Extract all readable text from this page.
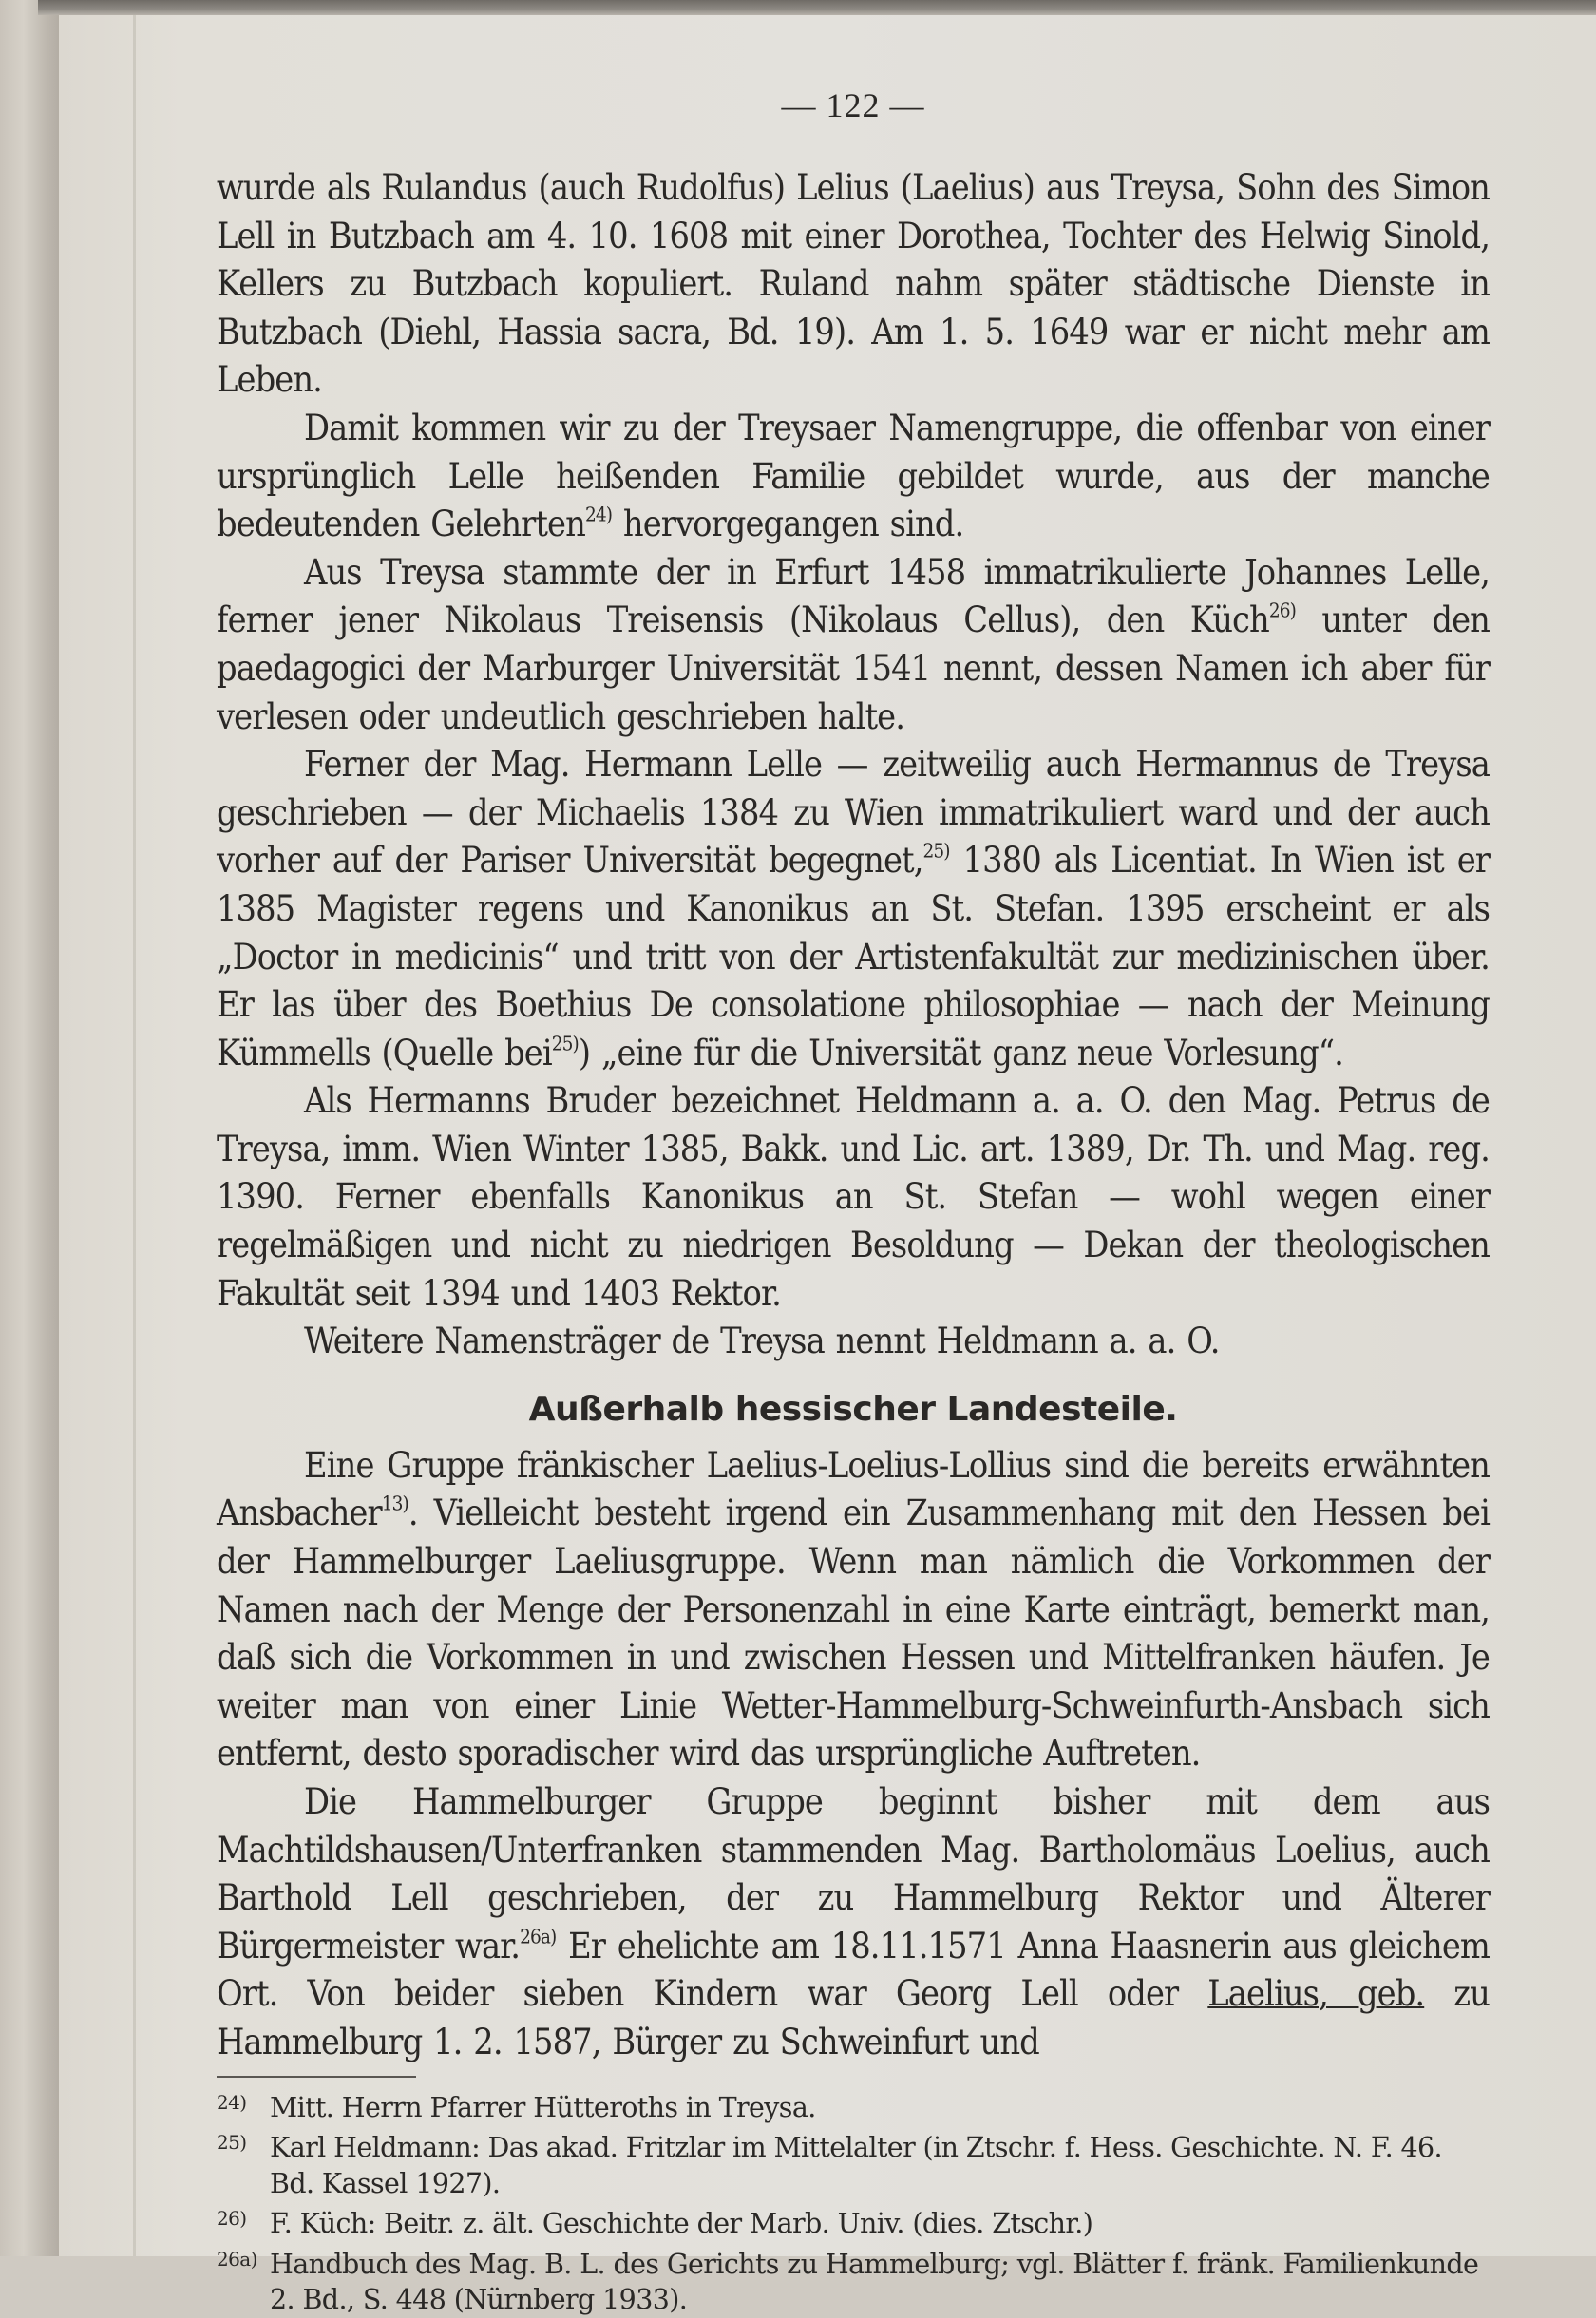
— 122 —

wurde als Rulandus (auch Rudolfus) Lelius (Laelius) aus Treysa, Sohn des Simon Lell in Butzbach am 4. 10. 1608 mit einer Dorothea, Tochter des Helwig Sinold, Kellers zu Butzbach kopuliert. Ruland nahm später städtische Dienste in Butzbach (Diehl, Hassia sacra, Bd. 19). Am 1. 5. 1649 war er nicht mehr am Leben.

Damit kommen wir zu der Treysaer Namengruppe, die offenbar von einer ursprünglich Lelle heißenden Familie gebildet wurde, aus der manche bedeutenden Gelehrten$^{24)}$ hervorgegangen sind.

Aus Treysa stammte der in Erfurt 1458 immatrikulierte Johannes Lelle, ferner jener Nikolaus Treisensis (Nikolaus Cellus), den Küch$^{26)}$ unter den paedagogici der Marburger Universität 1541 nennt, dessen Namen ich aber für verlesen oder undeutlich geschrieben halte.

Ferner der Mag. Hermann Lelle — zeitweilig auch Hermannus de Treysa geschrieben — der Michaelis 1384 zu Wien immatrikuliert ward und der auch vorher auf der Pariser Universität begegnet,$^{25)}$ 1380 als Licentiat. In Wien ist er 1385 Magister regens und Kanonikus an St. Stefan. 1395 erscheint er als „Doctor in medicinis“ und tritt von der Artistenfakultät zur medizinischen über. Er las über des Boethius De consolatione philosophiae — nach der Meinung Kümmells (Quelle bei$^{25)}$) „eine für die Universität ganz neue Vorlesung“.

Als Hermanns Bruder bezeichnet Heldmann a. a. O. den Mag. Petrus de Treysa, imm. Wien Winter 1385, Bakk. und Lic. art. 1389, Dr. Th. und Mag. reg. 1390. Ferner ebenfalls Kanonikus an St. Stefan — wohl wegen einer regelmäßigen und nicht zu niedrigen Besoldung — Dekan der theologischen Fakultät seit 1394 und 1403 Rektor.

Weitere Namensträger de Treysa nennt Heldmann a. a. O.

Außerhalb hessischer Landesteile.

Eine Gruppe fränkischer Laelius-Loelius-Lollius sind die bereits erwähnten Ansbacher$^{13)}$. Vielleicht besteht irgend ein Zusammenhang mit den Hessen bei der Hammelburger Laeliusgruppe. Wenn man nämlich die Vorkommen der Namen nach der Menge der Personenzahl in eine Karte einträgt, bemerkt man, daß sich die Vorkommen in und zwischen Hessen und Mittelfranken häufen. Je weiter man von einer Linie Wetter-Hammelburg-Schweinfurth-Ansbach sich entfernt, desto sporadischer wird das ursprüngliche Auftreten.

Die Hammelburger Gruppe beginnt bisher mit dem aus Machtildshausen/Unterfranken stammenden Mag. Bartholomäus Loelius, auch Barthold Lell geschrieben, der zu Hammelburg Rektor und Älterer Bürgermeister war.$^{26a)}$ Er ehelichte am 18.11.1571 Anna Haasnerin aus gleichem Ort. Von beider sieben Kindern war Georg Lell oder Laelius, geb. zu Hammelburg 1. 2. 1587, Bürger zu Schweinfurt und

24) Mitt. Herrn Pfarrer Hütteroths in Treysa.
25) Karl Heldmann: Das akad. Fritzlar im Mittelalter (in Ztschr. f. Hess. Geschichte. N. F. 46. Bd. Kassel 1927).
26) F. Küch: Beitr. z. ält. Geschichte der Marb. Univ. (dies. Ztschr.)
26a) Handbuch des Mag. B. L. des Gerichts zu Hammelburg; vgl. Blätter f. fränk. Familienkunde 2. Bd., S. 448 (Nürnberg 1933).
